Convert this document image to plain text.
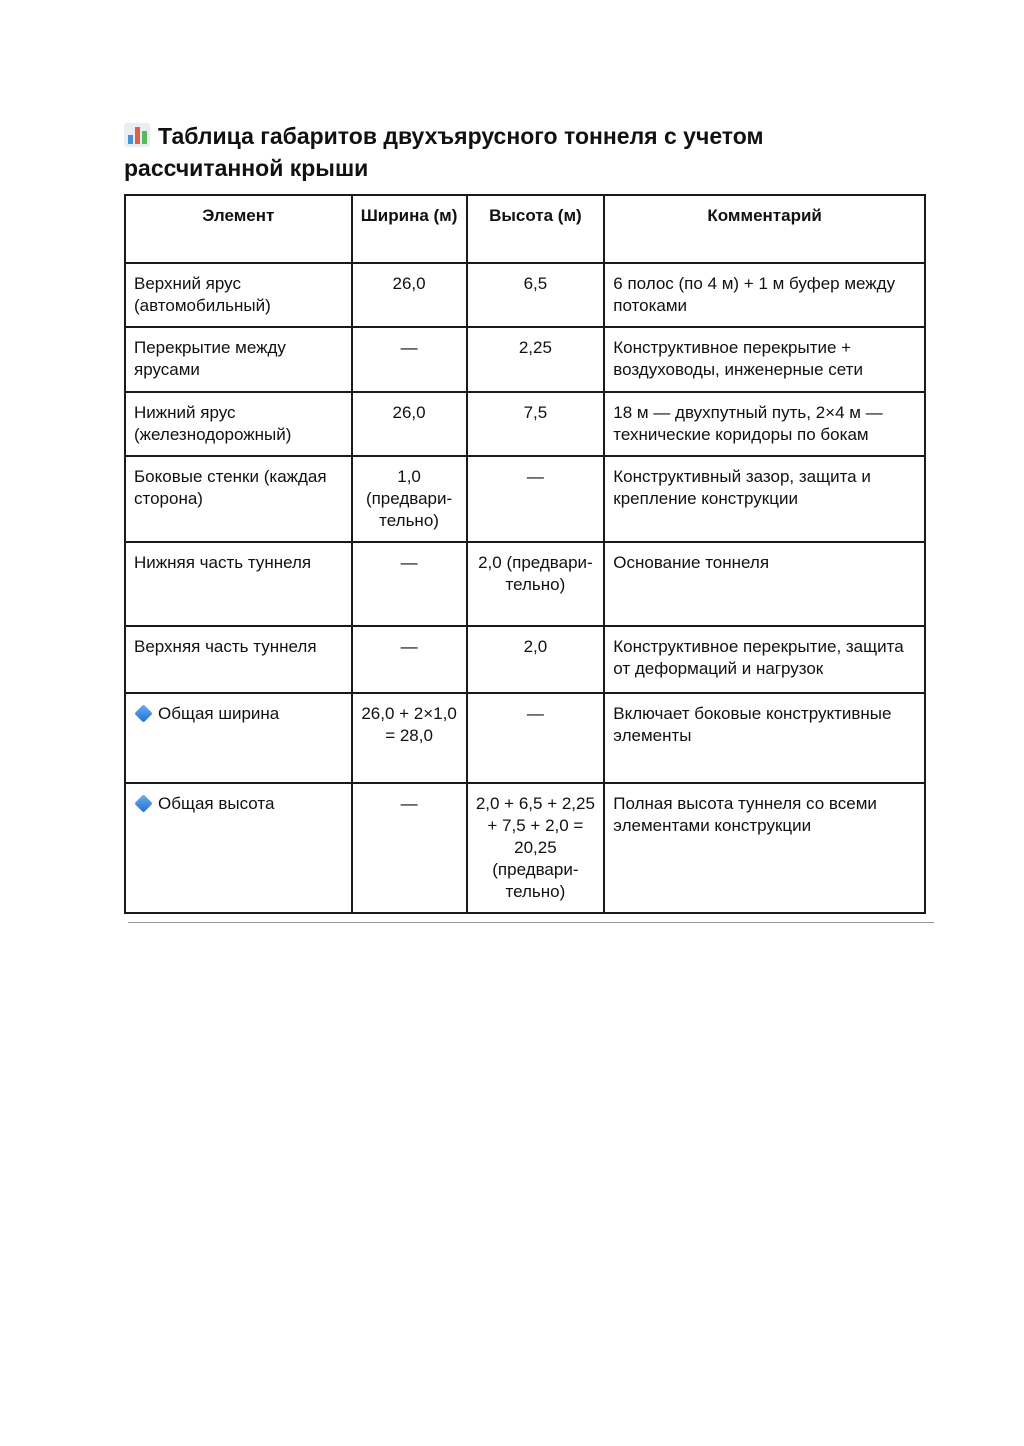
Таблица габаритов двухъярусного тоннеля с учетом рассчитанной крыши
Элемент	Ширина (м)	Высота (м)	Комментарий
Верхний ярус (автомобильный)	26,0	6,5	6 полос (по 4 м) + 1 м буфер между потоками
Перекрытие между ярусами	—	2,25	Конструктивное перекрытие + воздуховоды, инженерные сети
Нижний ярус (железнодорожный)	26,0	7,5	18 м — двухпутный путь, 2×4 м — технические коридоры по бокам
Боковые стенки (каждая сторона)	1,0 (предвари-тельно)	—	Конструктивный зазор, защита и крепление конструкции
Нижняя часть туннеля	—	2,0 (предвари-тельно)	Основание тоннеля
Верхняя часть туннеля	—	2,0	Конструктивное перекрытие, защита от деформаций и нагрузок
Общая ширина	26,0 + 2×1,0 = 28,0	—	Включает боковые конструктивные элементы
Общая высота	—	2,0 + 6,5 + 2,25 + 7,5 + 2,0 = 20,25 (предвари-тельно)	Полная высота туннеля со всеми элементами конструкции
